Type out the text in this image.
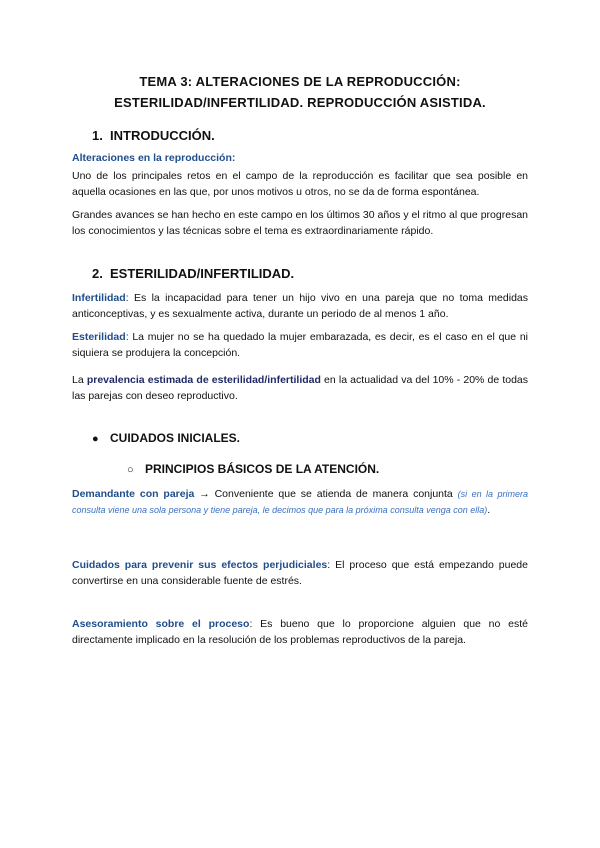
TEMA 3: ALTERACIONES DE LA REPRODUCCIÓN:
ESTERILIDAD/INFERTILIDAD. REPRODUCCIÓN ASISTIDA.
1. INTRODUCCIÓN.
Alteraciones en la reproducción:
Uno de los principales retos en el campo de la reproducción es facilitar que sea posible en aquella ocasiones en las que, por unos motivos u otros, no se da de forma espontánea.
Grandes avances se han hecho en este campo en los últimos 30 años y el ritmo al que progresan los conocimientos y las técnicas sobre el tema es extraordinariamente rápido.
2. ESTERILIDAD/INFERTILIDAD.
Infertilidad: Es la incapacidad para tener un hijo vivo en una pareja que no toma medidas anticonceptivas, y es sexualmente activa, durante un periodo de al menos 1 año.
Esterilidad: La mujer no se ha quedado la mujer embarazada, es decir, es el caso en el que ni siquiera se produjera la concepción.
La prevalencia estimada de esterilidad/infertilidad en la actualidad va del 10% - 20% de todas las parejas con deseo reproductivo.
● CUIDADOS INICIALES.
○ PRINCIPIOS BÁSICOS DE LA ATENCIÓN.
Demandante con pareja → Conveniente que se atienda de manera conjunta (si en la primera consulta viene una sola persona y tiene pareja, le decimos que para la próxima consulta venga con ella).
Cuidados para prevenir sus efectos perjudiciales: El proceso que está empezando puede convertirse en una considerable fuente de estrés.
Asesoramiento sobre el proceso: Es bueno que lo proporcione alguien que no esté directamente implicado en la resolución de los problemas reproductivos de la pareja.
